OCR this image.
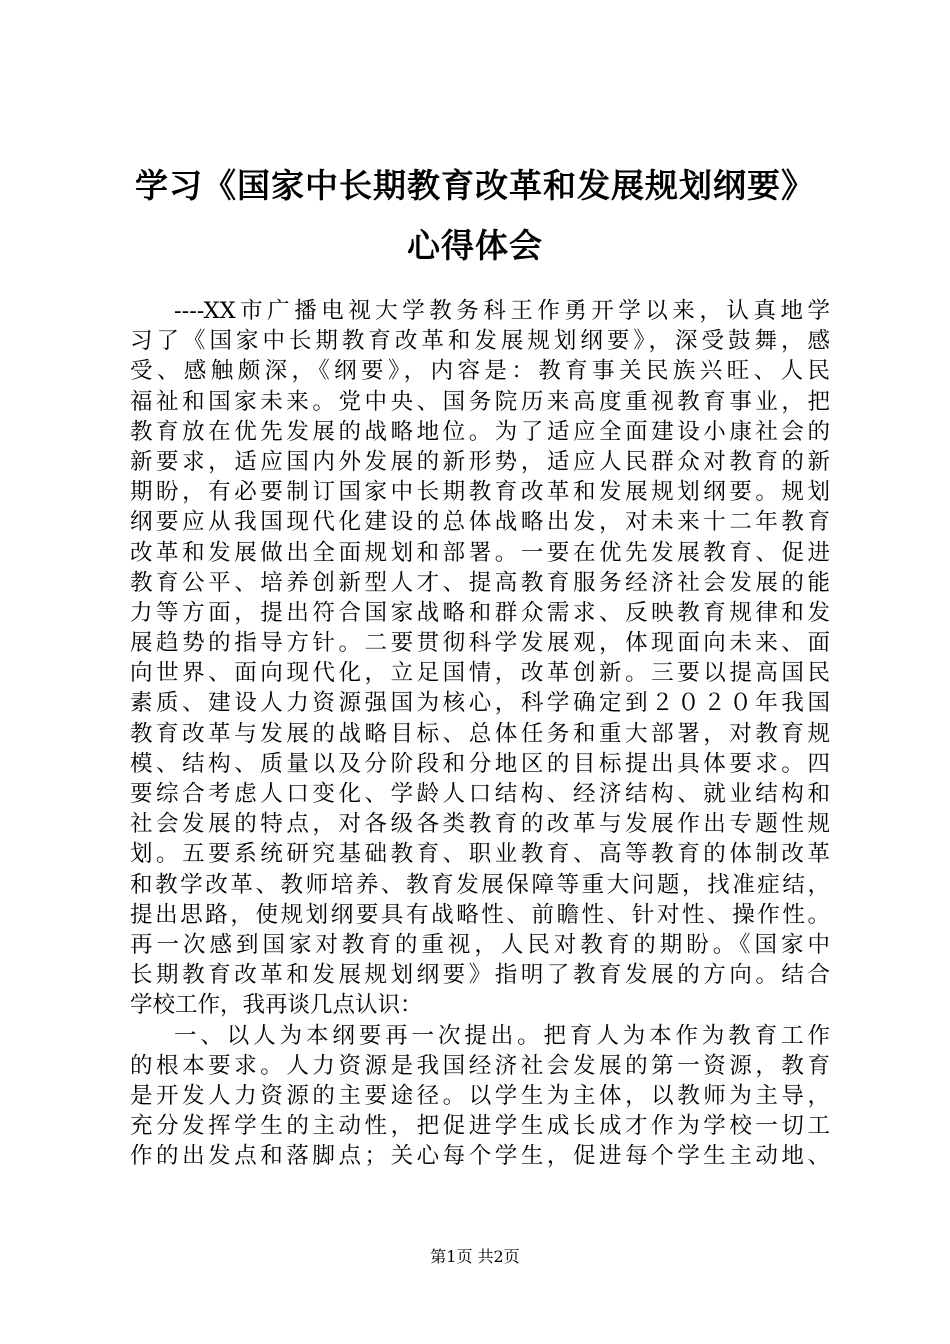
学习《国家中长期教育改革和发展规划纲要》
心得体会
----XX市广播电视大学教务科王作勇开学以来，认真地学
习了《国家中长期教育改革和发展规划纲要》，深受鼓舞，感
受、感触颇深，《纲要》，内容是：教育事关民族兴旺、人民
福祉和国家未来。党中央、国务院历来高度重视教育事业，把
教育放在优先发展的战略地位。为了适应全面建设小康社会的
新要求，适应国内外发展的新形势，适应人民群众对教育的新
期盼，有必要制订国家中长期教育改革和发展规划纲要。规划
纲要应从我国现代化建设的总体战略出发，对未来十二年教育
改革和发展做出全面规划和部署。一要在优先发展教育、促进
教育公平、培养创新型人才、提高教育服务经济社会发展的能
力等方面，提出符合国家战略和群众需求、反映教育规律和发
展趋势的指导方针。二要贯彻科学发展观，体现面向未来、面
向世界、面向现代化，立足国情，改革创新。三要以提高国民
素质、建设人力资源强国为核心，科学确定到２０２０年我国
教育改革与发展的战略目标、总体任务和重大部署，对教育规
模、结构、质量以及分阶段和分地区的目标提出具体要求。四
要综合考虑人口变化、学龄人口结构、经济结构、就业结构和
社会发展的特点，对各级各类教育的改革与发展作出专题性规
划。五要系统研究基础教育、职业教育、高等教育的体制改革
和教学改革、教师培养、教育发展保障等重大问题，找准症结，
提出思路，使规划纲要具有战略性、前瞻性、针对性、操作性。
再一次感到国家对教育的重视，人民对教育的期盼。《国家中
长期教育改革和发展规划纲要》指明了教育发展的方向。结合
学校工作，我再谈几点认识：
一、以人为本纲要再一次提出。把育人为本作为教育工作
的根本要求。人力资源是我国经济社会发展的第一资源，教育
是开发人力资源的主要途径。以学生为主体，以教师为主导，
充分发挥学生的主动性，把促进学生成长成才作为学校一切工
作的出发点和落脚点；关心每个学生，促进每个学生主动地、
第1页 共2页
